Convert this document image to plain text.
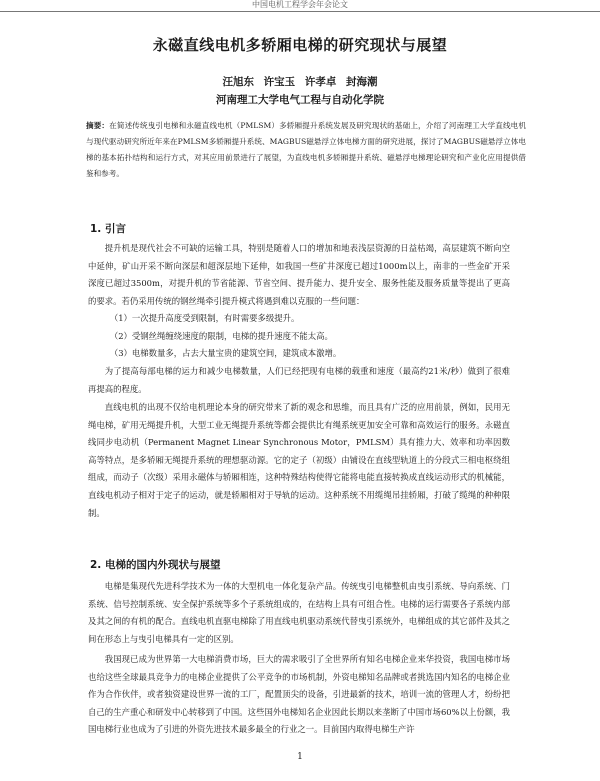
中国电机工程学会年会论文
永磁直线电机多轿厢电梯的研究现状与展望
汪旭东 许宝玉 许孝卓 封海潮
河南理工大学电气工程与自动化学院
摘要：在简述传统曳引电梯和永磁直线电机（PMLSM）多轿厢提升系统发展及研究现状的基础上，介绍了河南理工大学直线电机与现代驱动研究所近年来在PMLSM多轿厢提升系统、MAGBUS磁悬浮立体电梯方面的研究进展，探讨了MAGBUS磁悬浮立体电梯的基本拓扑结构和运行方式，对其应用前景进行了展望，为直线电机多轿厢提升系统、磁悬浮电梯理论研究和产业化应用提供借鉴和参考。
1. 引言
提升机是现代社会不可缺的运输工具，特别是随着人口的增加和地表浅层资源的日益枯竭，高层建筑不断向空中延伸，矿山开采不断向深层和超深层地下延伸，如我国一些矿井深度已超过1000m以上，南非的一些金矿开采深度已超过3500m，对提升机的节省能源、节省空间、提升能力、提升安全、服务性能及服务质量等提出了更高的要求。若仍采用传统的钢丝绳牵引提升模式将遇到难以克服的一些问题：
（1）一次提升高度受到限制，有时需要多级提升。
（2）受钢丝绳缠绕速度的限制，电梯的提升速度不能太高。
（3）电梯数量多，占去大量宝贵的建筑空间，建筑成本激增。
为了提高每部电梯的运力和减少电梯数量，人们已经把现有电梯的载重和速度（最高约21米/秒）做到了很难再提高的程度。
直线电机的出现不仅给电机理论本身的研究带来了新的观念和思维，而且具有广泛的应用前景，例如，民用无绳电梯，矿用无绳提升机，大型工业无绳提升系统等都会提供比有绳系统更加安全可靠和高效运行的服务。永磁直线同步电动机（Permanent Magnet Linear Synchronous Motor，PMLSM）具有推力大、效率和功率因数高等特点，是多轿厢无绳提升系统的理想驱动源。它的定子（初级）由铺设在直线型轨道上的分段式三相电枢绕组组成，而动子（次级）采用永磁体与轿厢相连，这种特殊结构使得它能将电能直接转换成直线运动形式的机械能，直线电机动子相对于定子的运动，就是轿厢相对于导轨的运动。这种系统不用缆绳吊挂轿厢，打破了缆绳的种种限制。
2. 电梯的国内外现状与展望
电梯是集现代先进科学技术为一体的大型机电一体化复杂产品。传统曳引电梯整机由曳引系统、导向系统、门系统、信号控制系统、安全保护系统等多个子系统组成的，在结构上具有可组合性。电梯的运行需要各子系统内部及其之间的有机的配合。直线电机直驱电梯除了用直线电机驱动系统代替曳引系统外，电梯组成的其它部件及其之间在形态上与曳引电梯具有一定的区别。
我国现已成为世界第一大电梯消费市场，巨大的需求吸引了全世界所有知名电梯企业来华投资，我国电梯市场也给这些全球最具竞争力的电梯企业提供了公平竞争的市场机制，外资电梯知名品牌或者挑选国内知名的电梯企业作为合作伙伴，或者独资建设世界一流的工厂，配置顶尖的设备，引进最新的技术，培训一流的管理人才，纷纷把自己的生产重心和研发中心转移到了中国。这些国外电梯知名企业因此长期以来垄断了中国市场60%以上份额，我国电梯行业也成为了引进的外资先进技术最多最全的行业之一。目前国内取得电梯生产许
1
